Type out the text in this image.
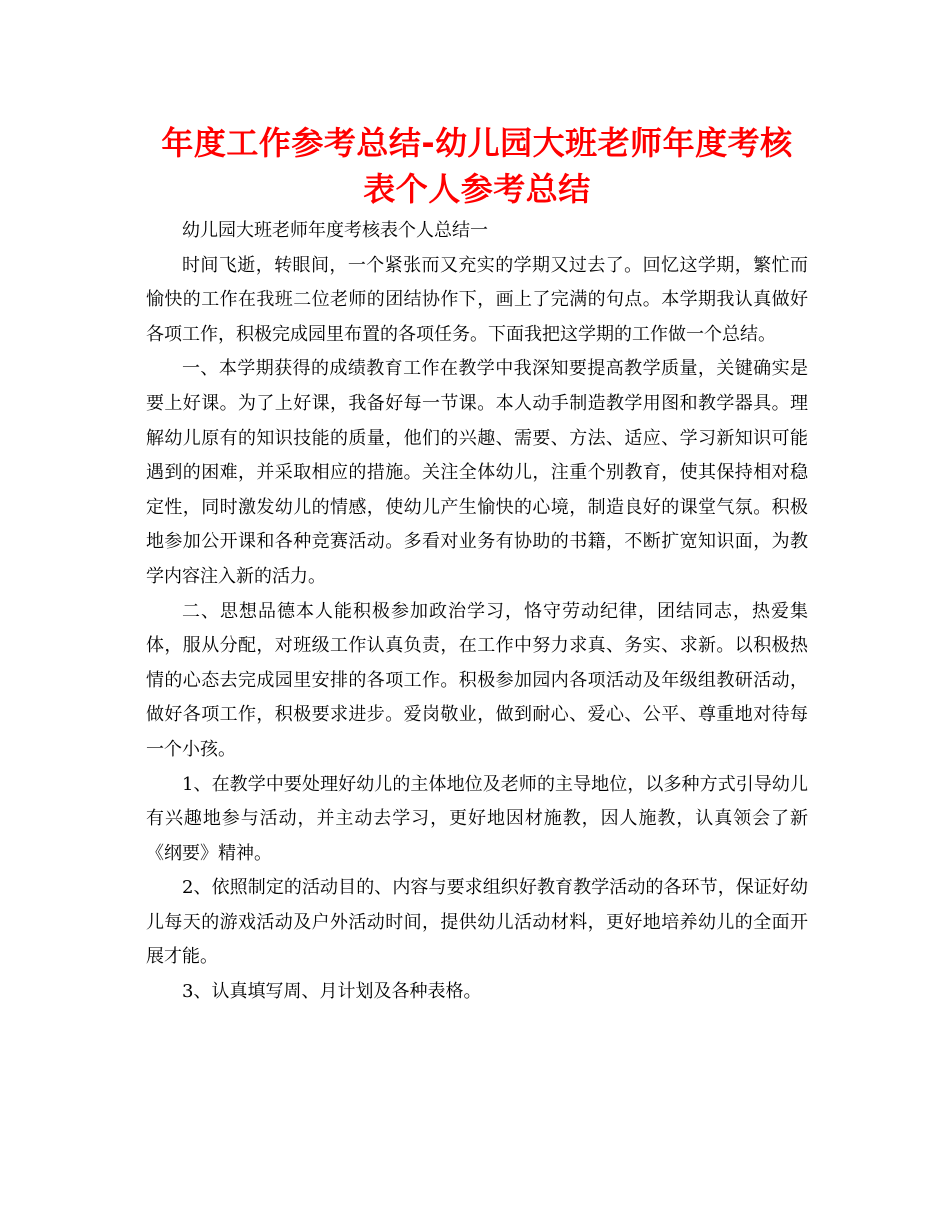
年度工作参考总结-幼儿园大班老师年度考核表个人参考总结

幼儿园大班老师年度考核表个人总结一

时间飞逝，转眼间，一个紧张而又充实的学期又过去了。回忆这学期，繁忙而愉快的工作在我班二位老师的团结协作下，画上了完满的句点。本学期我认真做好各项工作，积极完成园里布置的各项任务。下面我把这学期的工作做一个总结。

一、本学期获得的成绩教育工作在教学中我深知要提高教学质量，关键确实是要上好课。为了上好课，我备好每一节课。本人动手制造教学用图和教学器具。理解幼儿原有的知识技能的质量，他们的兴趣、需要、方法、适应、学习新知识可能遇到的困难，并采取相应的措施。关注全体幼儿，注重个别教育，使其保持相对稳定性，同时激发幼儿的情感，使幼儿产生愉快的心境，制造良好的课堂气氛。积极地参加公开课和各种竞赛活动。多看对业务有协助的书籍，不断扩宽知识面，为教学内容注入新的活力。

二、思想品德本人能积极参加政治学习，恪守劳动纪律，团结同志，热爱集体，服从分配，对班级工作认真负责，在工作中努力求真、务实、求新。以积极热情的心态去完成园里安排的各项工作。积极参加园内各项活动及年级组教研活动，做好各项工作，积极要求进步。爱岗敬业，做到耐心、爱心、公平、尊重地对待每一个小孩。

1、在教学中要处理好幼儿的主体地位及老师的主导地位，以多种方式引导幼儿有兴趣地参与活动，并主动去学习，更好地因材施教，因人施教，认真领会了新《纲要》精神。

2、依照制定的活动目的、内容与要求组织好教育教学活动的各环节，保证好幼儿每天的游戏活动及户外活动时间，提供幼儿活动材料，更好地培养幼儿的全面开展才能。

3、认真填写周、月计划及各种表格。
